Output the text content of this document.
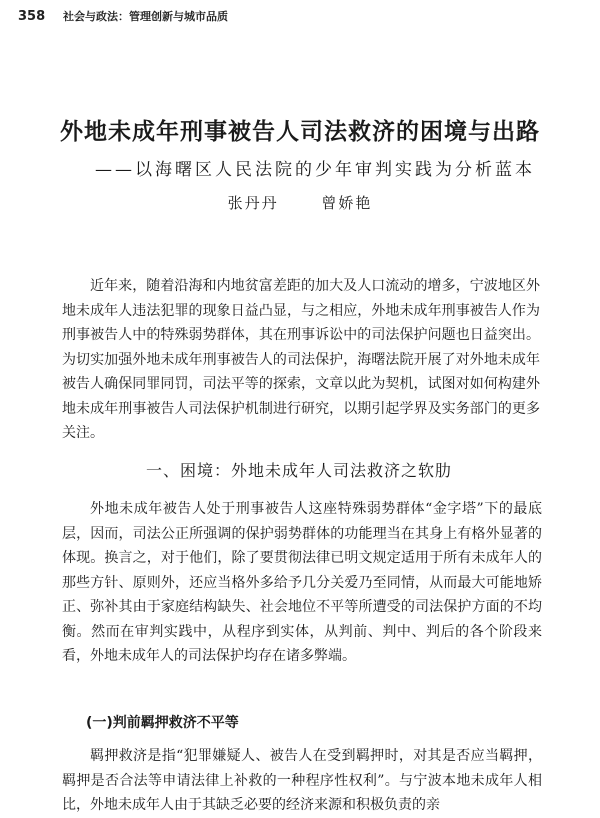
358 社会与政法：管理创新与城市品质
外地未成年刑事被告人司法救济的困境与出路
——以海曙区人民法院的少年审判实践为分析蓝本
张丹丹	曾娇艳

近年来，随着沿海和内地贫富差距的加大及人口流动的增多，宁波地区外地未成年人违法犯罪的现象日益凸显，与之相应，外地未成年刑事被告人作为刑事被告人中的特殊弱势群体，其在刑事诉讼中的司法保护问题也日益突出。为切实加强外地未成年刑事被告人的司法保护，海曙法院开展了对外地未成年被告人确保同罪同罚，司法平等的探索，文章以此为契机，试图对如何构建外地未成年刑事被告人司法保护机制进行研究，以期引起学界及实务部门的更多关注。

一、困境：外地未成年人司法救济之软肋

外地未成年被告人处于刑事被告人这座特殊弱势群体“金字塔”下的最底层，因而，司法公正所强调的保护弱势群体的功能理当在其身上有格外显著的体现。换言之，对于他们，除了要贯彻法律已明文规定适用于所有未成年人的那些方针、原则外，还应当格外多给予几分关爱乃至同情，从而最大可能地矫正、弥补其由于家庭结构缺失、社会地位不平等所遭受的司法保护方面的不均衡。然而在审判实践中，从程序到实体，从判前、判中、判后的各个阶段来看，外地未成年人的司法保护均存在诸多弊端。

(一)判前羁押救济不平等

羁押救济是指“犯罪嫌疑人、被告人在受到羁押时，对其是否应当羁押，羁押是否合法等申请法律上补救的一种程序性权利”。与宁波本地未成年人相比，外地未成年人由于其缺乏必要的经济来源和积极负责的亲
